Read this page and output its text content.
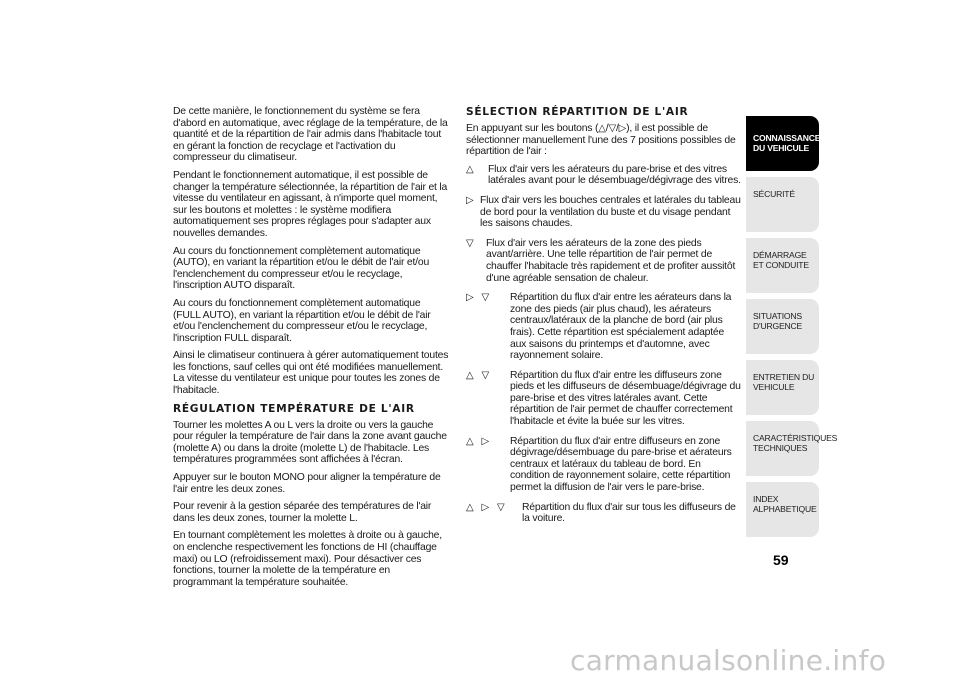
De cette manière, le fonctionnement du système se fera d'abord en automatique, avec réglage de la température, de la quantité et de la répartition de l'air admis dans l'habitacle tout en gérant la fonction de recyclage et l'activation du compresseur du climatiseur.

Pendant le fonctionnement automatique, il est possible de changer la température sélectionnée, la répartition de l'air et la vitesse du ventilateur en agissant, à n'importe quel moment, sur les boutons et molettes : le système modifiera automatiquement ses propres réglages pour s'adapter aux nouvelles demandes.

Au cours du fonctionnement complètement automatique (AUTO), en variant la répartition et/ou le débit de l'air et/ou l'enclenchement du compresseur et/ou le recyclage, l'inscription AUTO disparaît.

Au cours du fonctionnement complètement automatique (FULL AUTO), en variant la répartition et/ou le débit de l'air et/ou l'enclenchement du compresseur et/ou le recyclage, l'inscription FULL disparaît.

Ainsi le climatiseur continuera à gérer automatiquement toutes les fonctions, sauf celles qui ont été modifiées manuellement. La vitesse du ventilateur est unique pour toutes les zones de l'habitacle.

RÉGULATION TEMPÉRATURE DE L'AIR

Tourner les molettes A ou L vers la droite ou vers la gauche pour réguler la température de l'air dans la zone avant gauche (molette A) ou dans la droite (molette L) de l'habitacle. Les températures programmées sont affichées à l'écran.

Appuyer sur le bouton MONO pour aligner la température de l'air entre les deux zones.

Pour revenir à la gestion séparée des températures de l'air dans les deux zones, tourner la molette L.

En tournant complètement les molettes à droite ou à gauche, on enclenche respectivement les fonctions de HI (chauffage maxi) ou LO (refroidissement maxi). Pour désactiver ces fonctions, tourner la molette de la température en programmant la température souhaitée.

SÉLECTION RÉPARTITION DE L'AIR

En appuyant sur les boutons (△/▽/▷), il est possible de sélectionner manuellement l'une des 7 positions possibles de répartition de l'air :

△	Flux d'air vers les aérateurs du pare-brise et des vitres latérales avant pour le désembuage/dégivrage des vitres.
▷ Flux d'air vers les bouches centrales et latérales du tableau de bord pour la ventilation du buste et du visage pendant les saisons chaudes.
▽	Flux d'air vers les aérateurs de la zone des pieds avant/arrière. Une telle répartition de l'air permet de chauffer l'habitacle très rapidement et de profiter aussitôt d'une agréable sensation de chaleur.
▷ ▽	Répartition du flux d'air entre les aérateurs dans la zone des pieds (air plus chaud), les aérateurs centraux/latéraux de la planche de bord (air plus frais). Cette répartition est spécialement adaptée aux saisons du printemps et d'automne, avec rayonnement solaire.
△ ▽	Répartition du flux d'air entre les diffuseurs zone pieds et les diffuseurs de désembuage/dégivrage du pare-brise et des vitres latérales avant. Cette répartition de l'air permet de chauffer correctement l'habitacle et évite la buée sur les vitres.
△ ▷	Répartition du flux d'air entre diffuseurs en zone dégivrage/désembuage du pare-brise et aérateurs centraux et latéraux du tableau de bord. En condition de rayonnement solaire, cette répartition permet la diffusion de l'air vers le pare-brise.
△ ▷ ▽	Répartition du flux d'air sur tous les diffuseurs de la voiture.
CONNAISSANCE DU VEHICULE
SÉCURITÉ
DÉMARRAGE ET CONDUITE
SITUATIONS D'URGENCE
ENTRETIEN DU VEHICULE
CARACTÉRISTIQUES TECHNIQUES
INDEX ALPHABETIQUE
59
carmanualsonline.info
